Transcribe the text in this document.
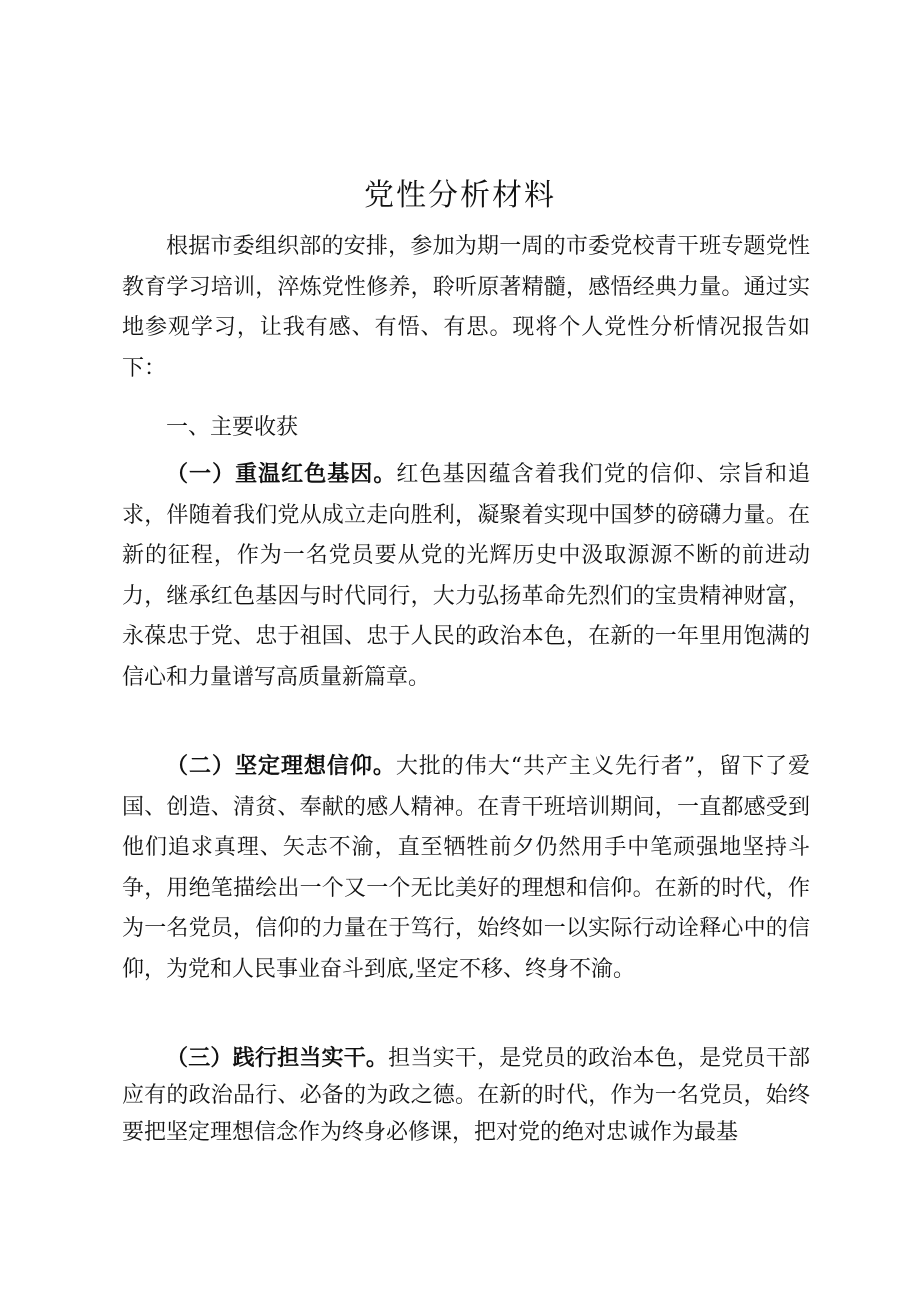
党性分析材料

根据市委组织部的安排，参加为期一周的市委党校青干班专题党性教育学习培训，淬炼党性修养，聆听原著精髓，感悟经典力量。通过实地参观学习，让我有感、有悟、有思。现将个人党性分析情况报告如下：

一、主要收获

（一）重温红色基因。红色基因蕴含着我们党的信仰、宗旨和追求，伴随着我们党从成立走向胜利，凝聚着实现中国梦的磅礴力量。在新的征程，作为一名党员要从党的光辉历史中汲取源源不断的前进动力，继承红色基因与时代同行，大力弘扬革命先烈们的宝贵精神财富，永葆忠于党、忠于祖国、忠于人民的政治本色，在新的一年里用饱满的信心和力量谱写高质量新篇章。

（二）坚定理想信仰。大批的伟大“共产主义先行者”，留下了爱国、创造、清贫、奉献的感人精神。在青干班培训期间，一直都感受到他们追求真理、矢志不渝，直至牺牲前夕仍然用手中笔顽强地坚持斗争，用绝笔描绘出一个又一个无比美好的理想和信仰。在新的时代，作为一名党员，信仰的力量在于笃行，始终如一以实际行动诠释心中的信仰，为党和人民事业奋斗到底,坚定不移、终身不渝。

（三）践行担当实干。担当实干，是党员的政治本色，是党员干部应有的政治品行、必备的为政之德。在新的时代，作为一名党员，始终要把坚定理想信念作为终身必修课，把对党的绝对忠诚作为最基
